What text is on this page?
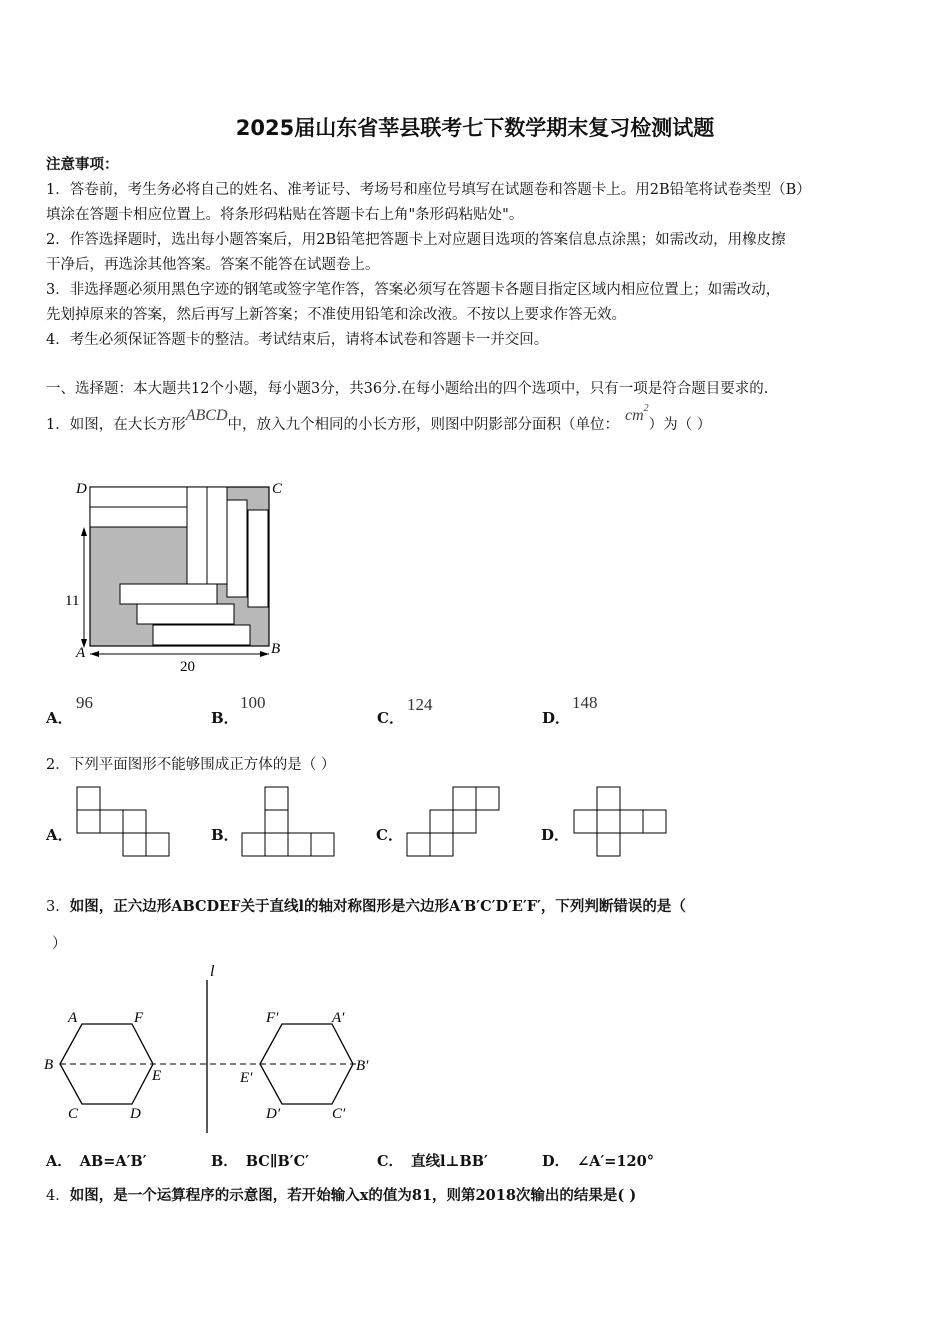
2025届山东省莘县联考七下数学期末复习检测试题
注意事项：
1．答卷前，考生务必将自己的姓名、准考证号、考场号和座位号填写在试题卷和答题卡上。用2B铅笔将试卷类型（B）
填涂在答题卡相应位置上。将条形码粘贴在答题卡右上角"条形码粘贴处"。
2．作答选择题时，选出每小题答案后，用2B铅笔把答题卡上对应题目选项的答案信息点涂黑；如需改动，用橡皮擦
干净后，再选涂其他答案。答案不能答在试题卷上。
3．非选择题必须用黑色字迹的钢笔或签字笔作答，答案必须写在答题卡各题目指定区域内相应位置上；如需改动，
先划掉原来的答案，然后再写上新答案；不准使用铅笔和涂改液。不按以上要求作答无效。
4．考生必须保证答题卡的整洁。考试结束后，请将本试卷和答题卡一并交回。
一、选择题：本大题共12个小题，每小题3分，共36分.在每小题给出的四个选项中，只有一项是符合题目要求的.
1．如图，在大长方形ABCD中，放入九个相同的小长方形，则图中阴影部分面积（单位：$cm^2$）为（ ）
D	C
A	B
11
20
A．
96
B．
100
C．
124
D．
148
2．下列平面图形不能够围成正方体的是（ ）
A．	B．	C．	D．
3．如图，正六边形ABCDEF关于直线l的轴对称图形是六边形A′B′C′D′E′F′，下列判断错误的是（
）
l
A	F
B
E
C	D
F′	A′
E′
B′
D′	C′
A． AB=A′B′	B． BC∥B′C′	C． 直线l⊥BB′	D． ∠A′=120°
4．如图，是一个运算程序的示意图，若开始输入x的值为81，则第2018次输出的结果是( )
